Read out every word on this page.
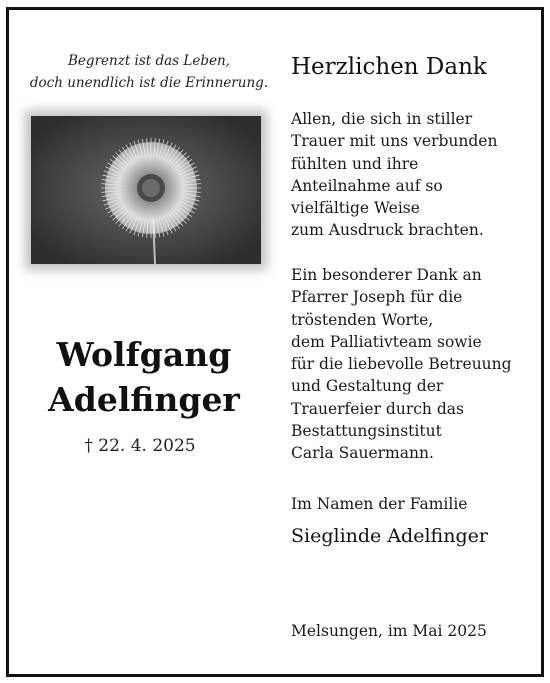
Begrenzt ist das Leben,
doch unendlich ist die Erinnerung.
Wolfgang
Adelfinger
† 22. 4. 2025
Herzlichen Dank
Allen, die sich in stiller
Trauer mit uns verbunden
fühlten und ihre
Anteilnahme auf so
vielfältige Weise
zum Ausdruck brachten.
Ein besonderer Dank an
Pfarrer Joseph für die
tröstenden Worte,
dem Palliativteam sowie
für die liebevolle Betreuung
und Gestaltung der
Trauerfeier durch das
Bestattungsinstitut
Carla Sauermann.
Im Namen der Familie
Sieglinde Adelfinger
Melsungen, im Mai 2025
